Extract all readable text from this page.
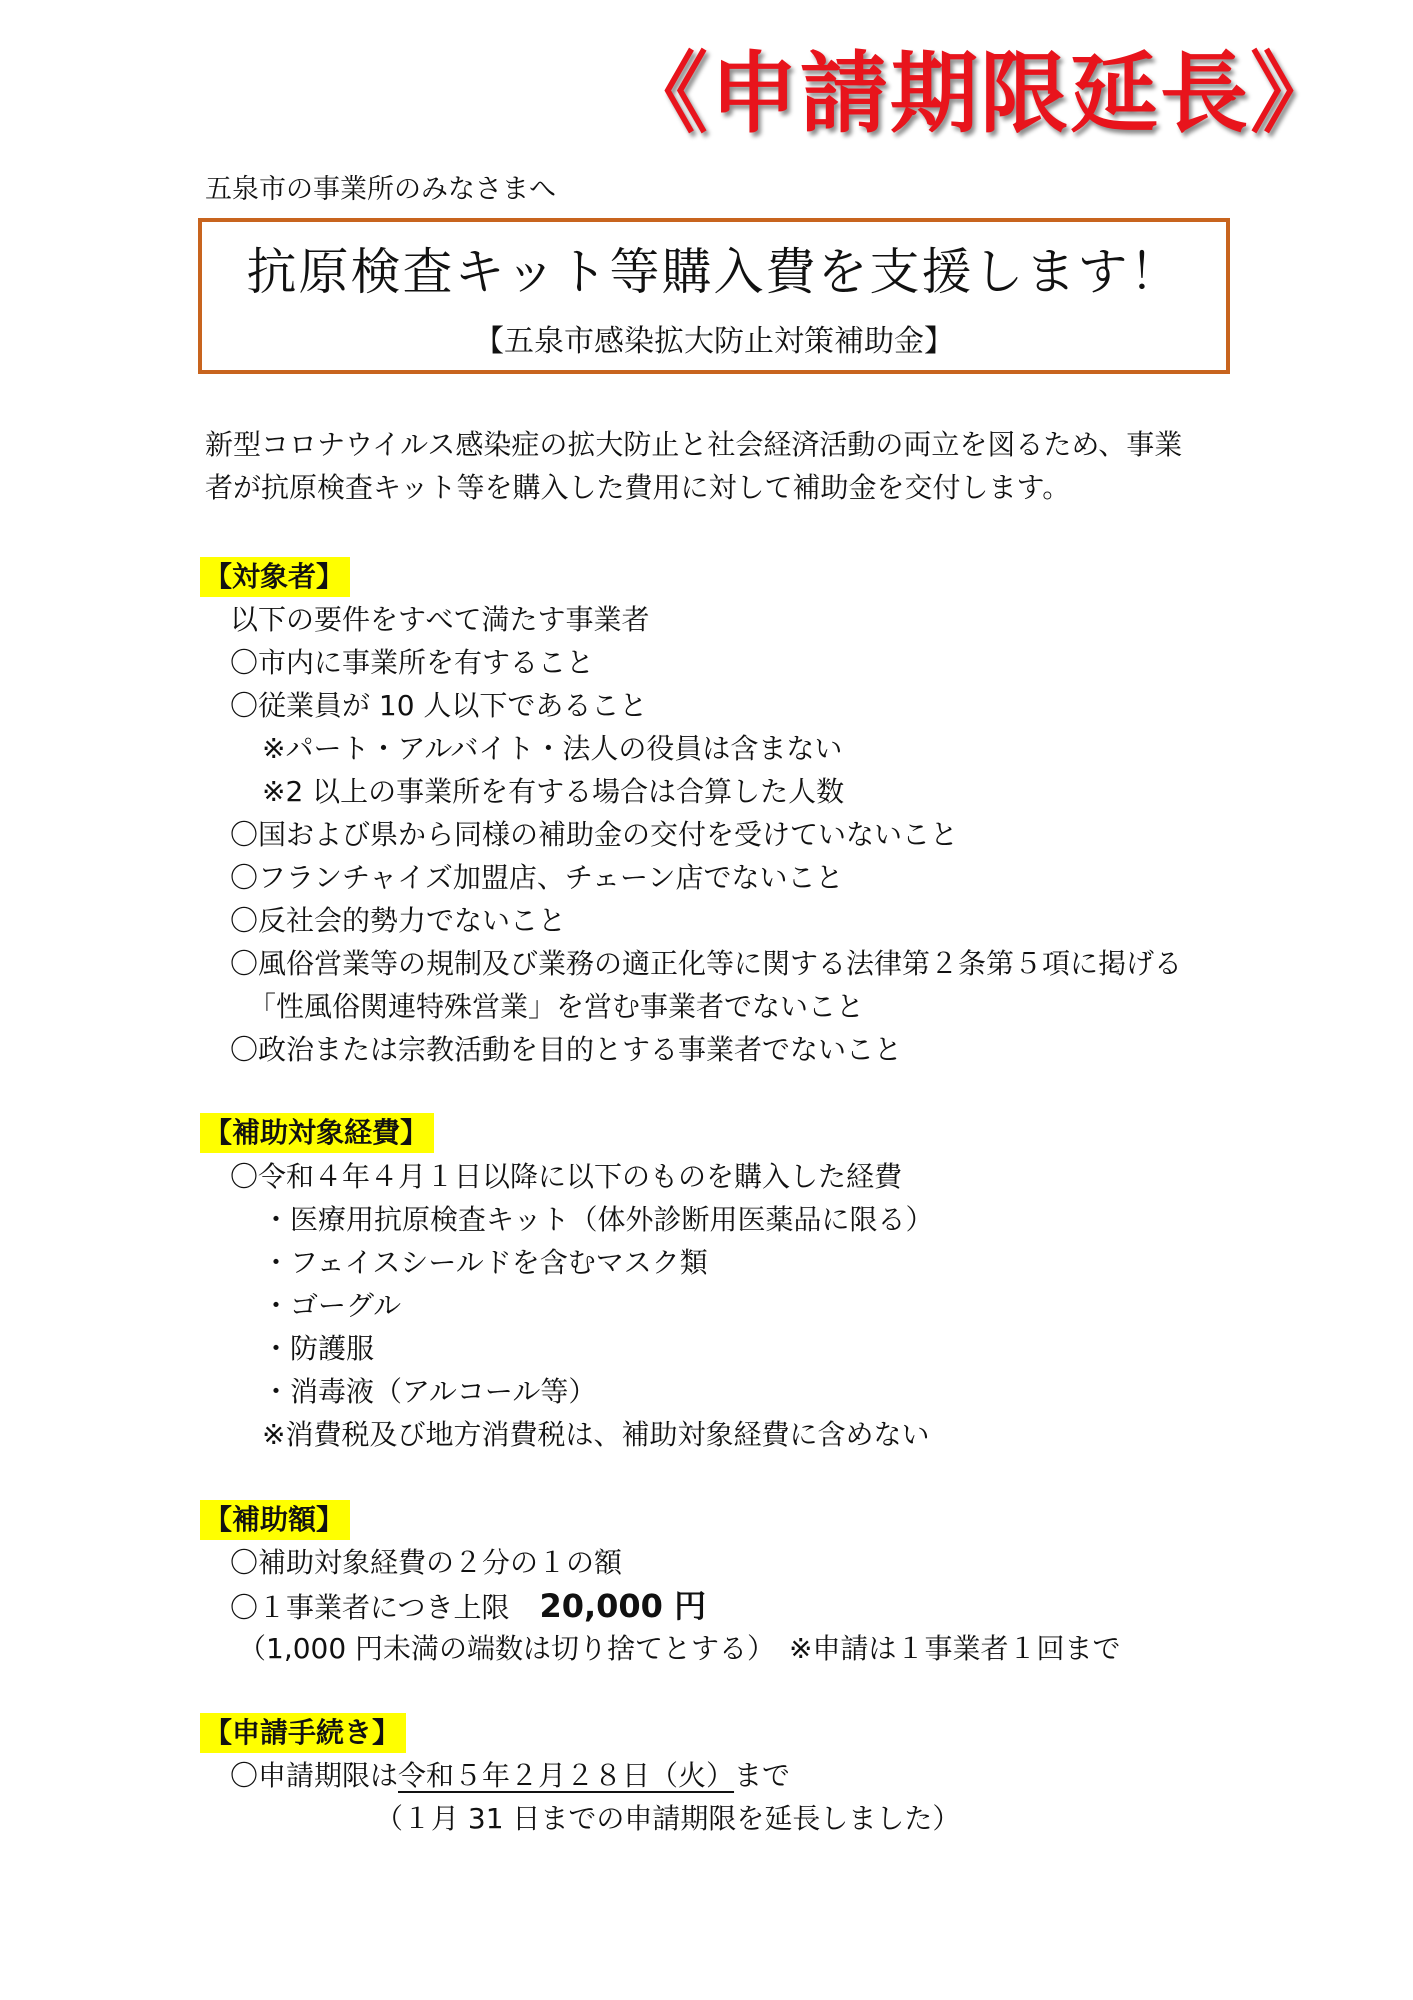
《申請期限延長》
五泉市の事業所のみなさまへ
抗原検査キット等購入費を支援します！
【五泉市感染拡大防止対策補助金】
新型コロナウイルス感染症の拡大防止と社会経済活動の両立を図るため、事業
者が抗原検査キット等を購入した費用に対して補助金を交付します。
【対象者】
以下の要件をすべて満たす事業者
〇市内に事業所を有すること
〇従業員が 10 人以下であること
※パート・アルバイト・法人の役員は含まない
※2 以上の事業所を有する場合は合算した人数
〇国および県から同様の補助金の交付を受けていないこと
〇フランチャイズ加盟店、チェーン店でないこと
〇反社会的勢力でないこと
〇風俗営業等の規制及び業務の適正化等に関する法律第２条第５項に掲げる
「性風俗関連特殊営業」を営む事業者でないこと
〇政治または宗教活動を目的とする事業者でないこと
【補助対象経費】
〇令和４年４月１日以降に以下のものを購入した経費
・医療用抗原検査キット（体外診断用医薬品に限る）
・フェイスシールドを含むマスク類
・ゴーグル
・防護服
・消毒液（アルコール等）
※消費税及び地方消費税は、補助対象経費に含めない
【補助額】
〇補助対象経費の２分の１の額
〇１事業者につき上限 20,000 円
（1,000 円未満の端数は切り捨てとする）　※申請は１事業者１回まで
【申請手続き】
〇申請期限は令和５年２月２８日（火）まで
（１月 31 日までの申請期限を延長しました）
